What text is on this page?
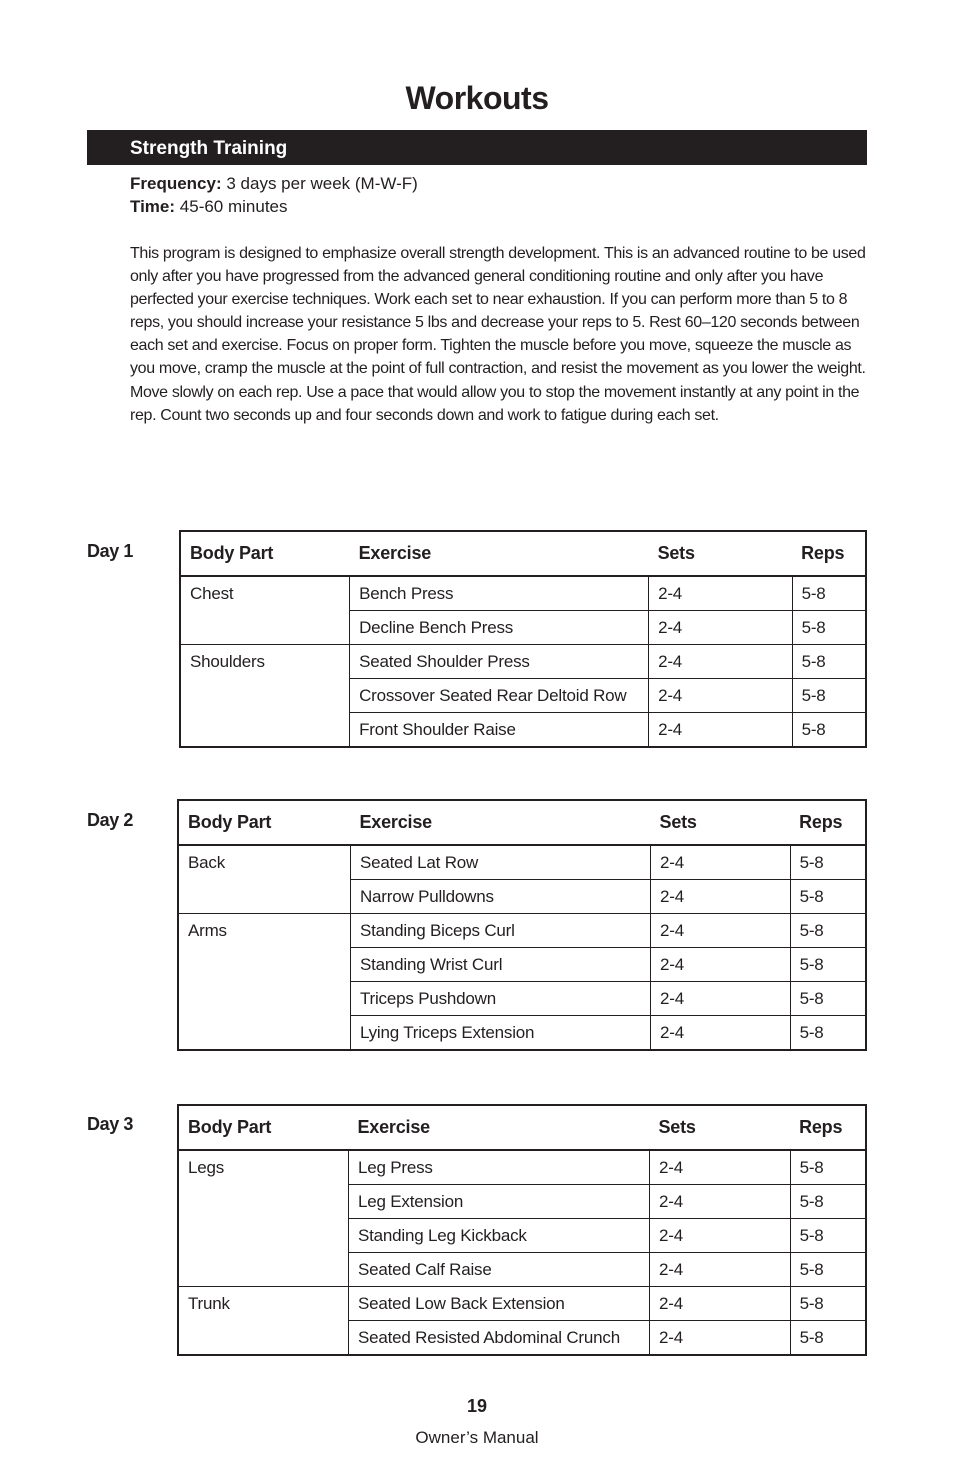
Workouts
Strength Training
Frequency: 3 days per week (M-W-F)
Time: 45-60 minutes

This program is designed to emphasize overall strength development. This is an advanced routine to be used only after you have progressed from the advanced general conditioning routine and only after you have perfected your exercise techniques. Work each set to near exhaustion. If you can perform more than 5 to 8 reps, you should increase your resistance 5 lbs and decrease your reps to 5. Rest 60–120 seconds between each set and exercise. Focus on proper form. Tighten the muscle before you move, squeeze the muscle as you move, cramp the muscle at the point of full contraction, and resist the movement as you lower the weight. Move slowly on each rep. Use a pace that would allow you to stop the movement instantly at any point in the rep. Count two seconds up and four seconds down and work to fatigue during each set.

Day 1	Body Part	Exercise	Sets	Reps
Chest	Bench Press	2-4	5-8
	Decline Bench Press	2-4	5-8
Shoulders	Seated Shoulder Press	2-4	5-8
	Crossover Seated Rear Deltoid Row	2-4	5-8
	Front Shoulder Raise	2-4	5-8
Day 2	Body Part	Exercise	Sets	Reps
Back	Seated Lat Row	2-4	5-8
	Narrow Pulldowns	2-4	5-8
Arms	Standing Biceps Curl	2-4	5-8
	Standing Wrist Curl	2-4	5-8
	Triceps Pushdown	2-4	5-8
	Lying Triceps Extension	2-4	5-8
Day 3	Body Part	Exercise	Sets	Reps
Legs	Leg Press	2-4	5-8
	Leg Extension	2-4	5-8
	Standing Leg Kickback	2-4	5-8
	Seated Calf Raise	2-4	5-8
Trunk	Seated Low Back Extension	2-4	5-8
	Seated Resisted Abdominal Crunch	2-4	5-8
19
Owner’s Manual
